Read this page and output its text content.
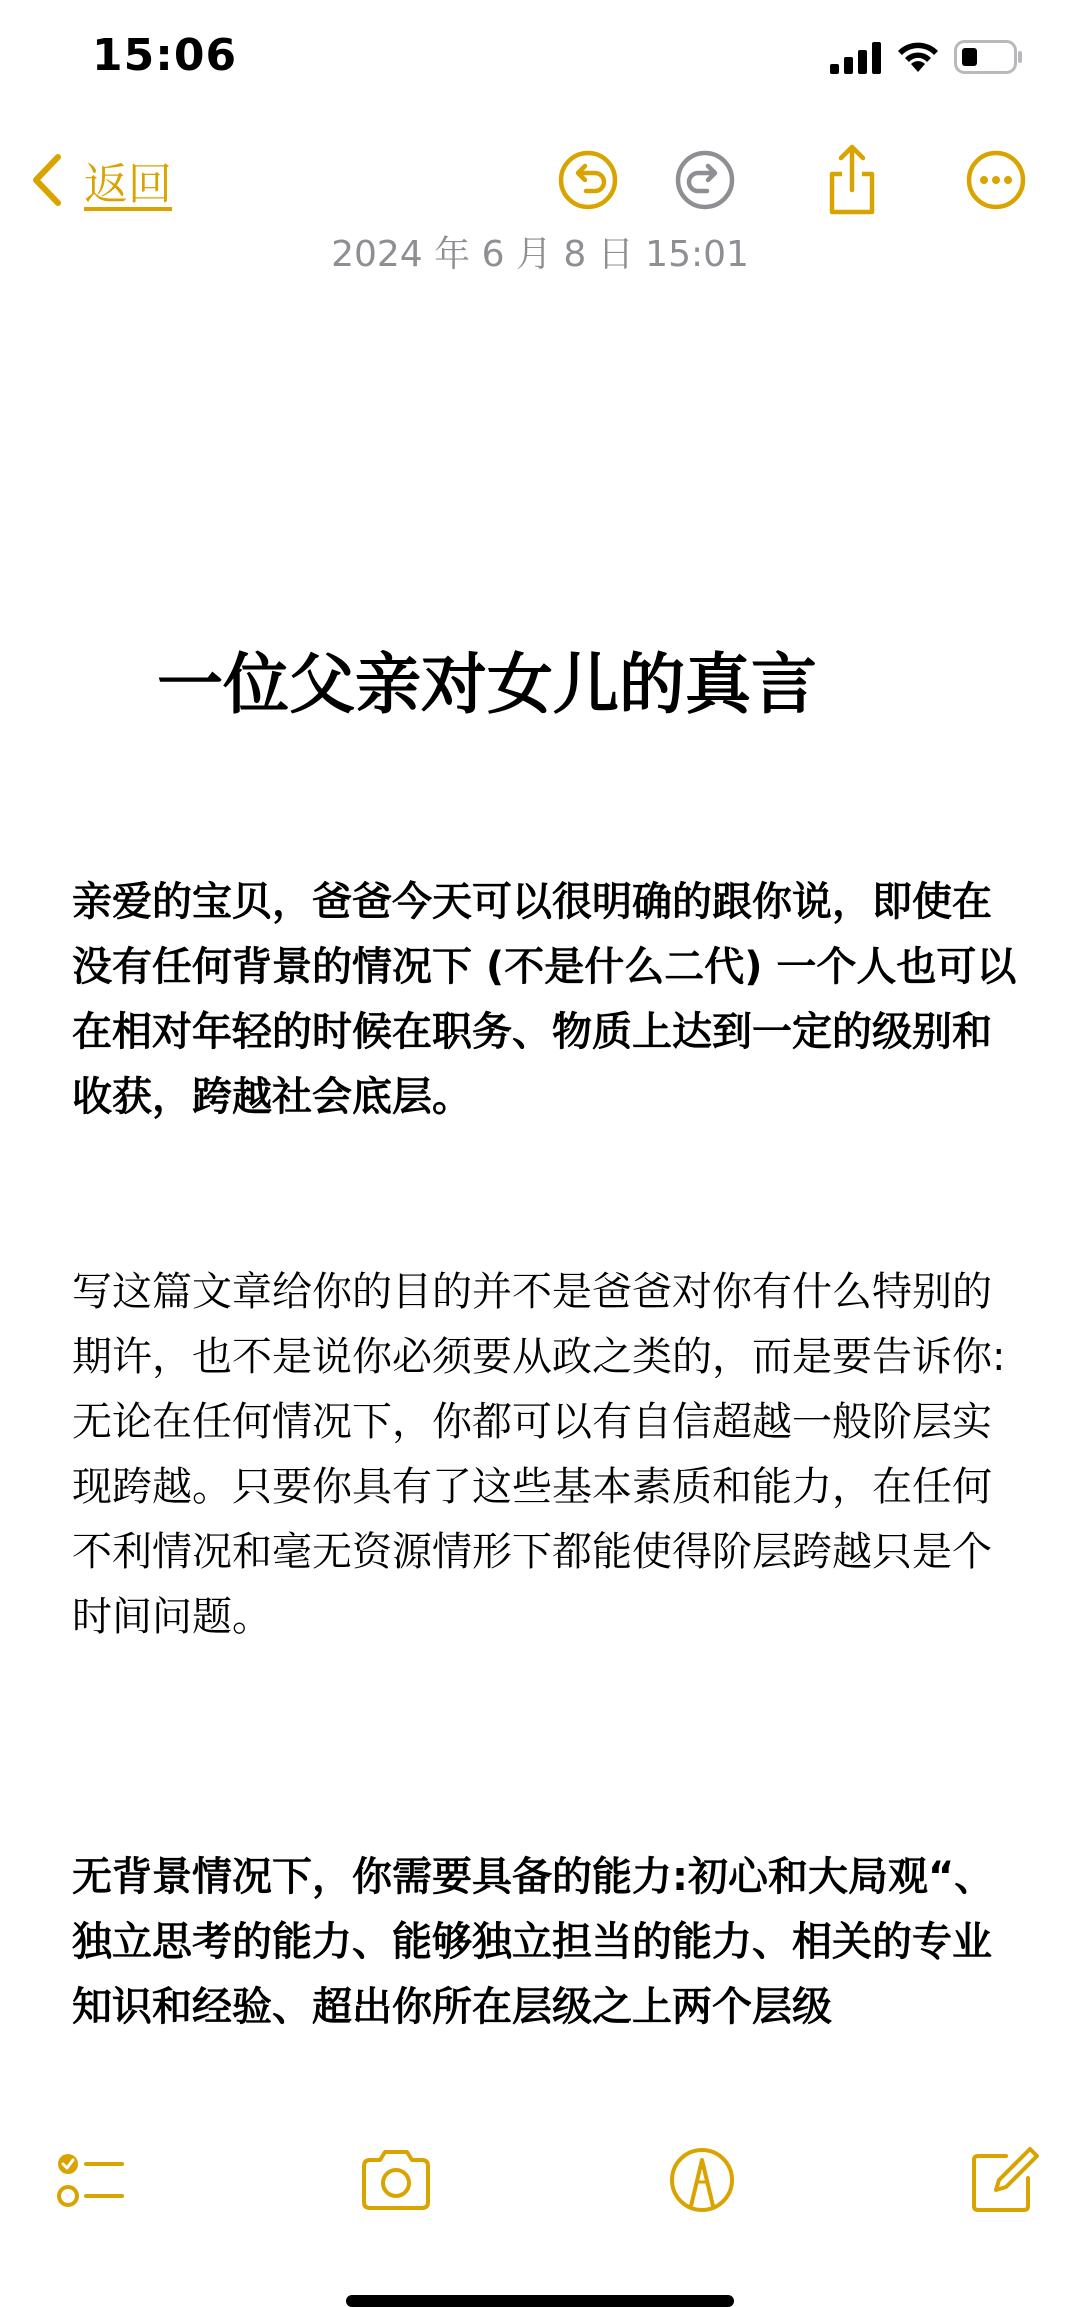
15:06
返回
2024 年 6 月 8 日 15:01
一位父亲对女儿的真言

亲爱的宝贝，爸爸今天可以很明确的跟你说，即使在没有任何背景的情况下 (不是什么二代) 一个人也可以在相对年轻的时候在职务、物质上达到一定的级别和收获，跨越社会底层。

写这篇文章给你的目的并不是爸爸对你有什么特别的期许，也不是说你必须要从政之类的，而是要告诉你:无论在任何情况下，你都可以有自信超越一般阶层实现跨越。只要你具有了这些基本素质和能力，在任何不利情况和毫无资源情形下都能使得阶层跨越只是个时间问题。

无背景情况下，你需要具备的能力:初心和大局观“、独立思考的能力、能够独立担当的能力、相关的专业知识和经验、超出你所在层级之上两个层级
